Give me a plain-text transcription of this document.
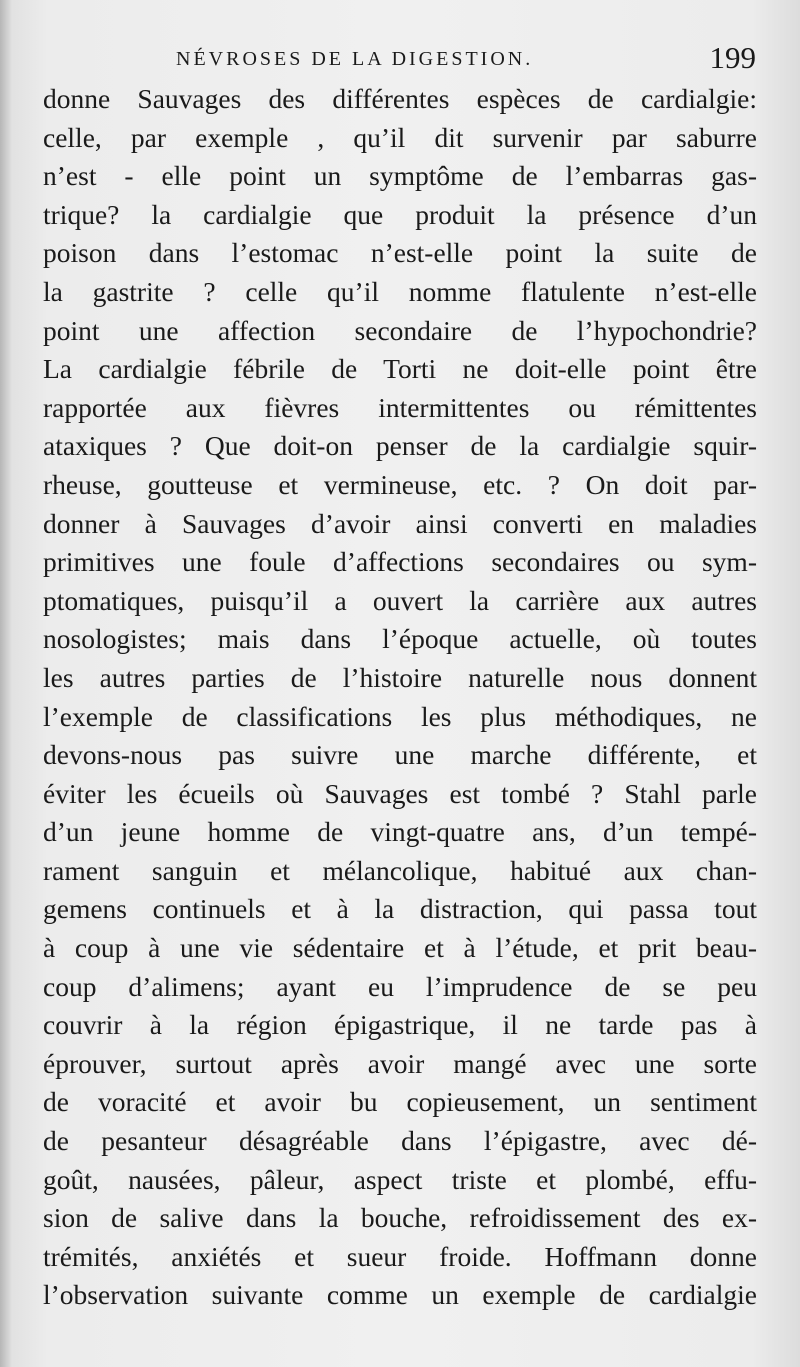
NÉVROSES DE LA DIGESTION.	199
donne Sauvages des différentes espèces de cardialgie:
celle, par exemple , qu’il dit survenir par saburre
n’est - elle point un symptôme de l’embarras gas-
trique? la cardialgie que produit la présence d’un
poison dans l’estomac n’est-elle point la suite de
la gastrite ? celle qu’il nomme flatulente n’est-elle
point une affection secondaire de l’hypochondrie?
La cardialgie fébrile de Torti ne doit-elle point être
rapportée aux fièvres intermittentes ou rémittentes
ataxiques ? Que doit-on penser de la cardialgie squir-
rheuse, goutteuse et vermineuse, etc. ? On doit par-
donner à Sauvages d’avoir ainsi converti en maladies
primitives une foule d’affections secondaires ou sym-
ptomatiques, puisqu’il a ouvert la carrière aux autres
nosologistes; mais dans l’époque actuelle, où toutes
les autres parties de l’histoire naturelle nous donnent
l’exemple de classifications les plus méthodiques, ne
devons-nous pas suivre une marche différente, et
éviter les écueils où Sauvages est tombé ? Stahl parle
d’un jeune homme de vingt-quatre ans, d’un tempé-
rament sanguin et mélancolique, habitué aux chan-
gemens continuels et à la distraction, qui passa tout
à coup à une vie sédentaire et à l’étude, et prit beau-
coup d’alimens; ayant eu l’imprudence de se peu
couvrir à la région épigastrique, il ne tarde pas à
éprouver, surtout après avoir mangé avec une sorte
de voracité et avoir bu copieusement, un sentiment
de pesanteur désagréable dans l’épigastre, avec dé-
goût, nausées, pâleur, aspect triste et plombé, effu-
sion de salive dans la bouche, refroidissement des ex-
trémités, anxiétés et sueur froide. Hoffmann donne
l’observation suivante comme un exemple de cardialgie
